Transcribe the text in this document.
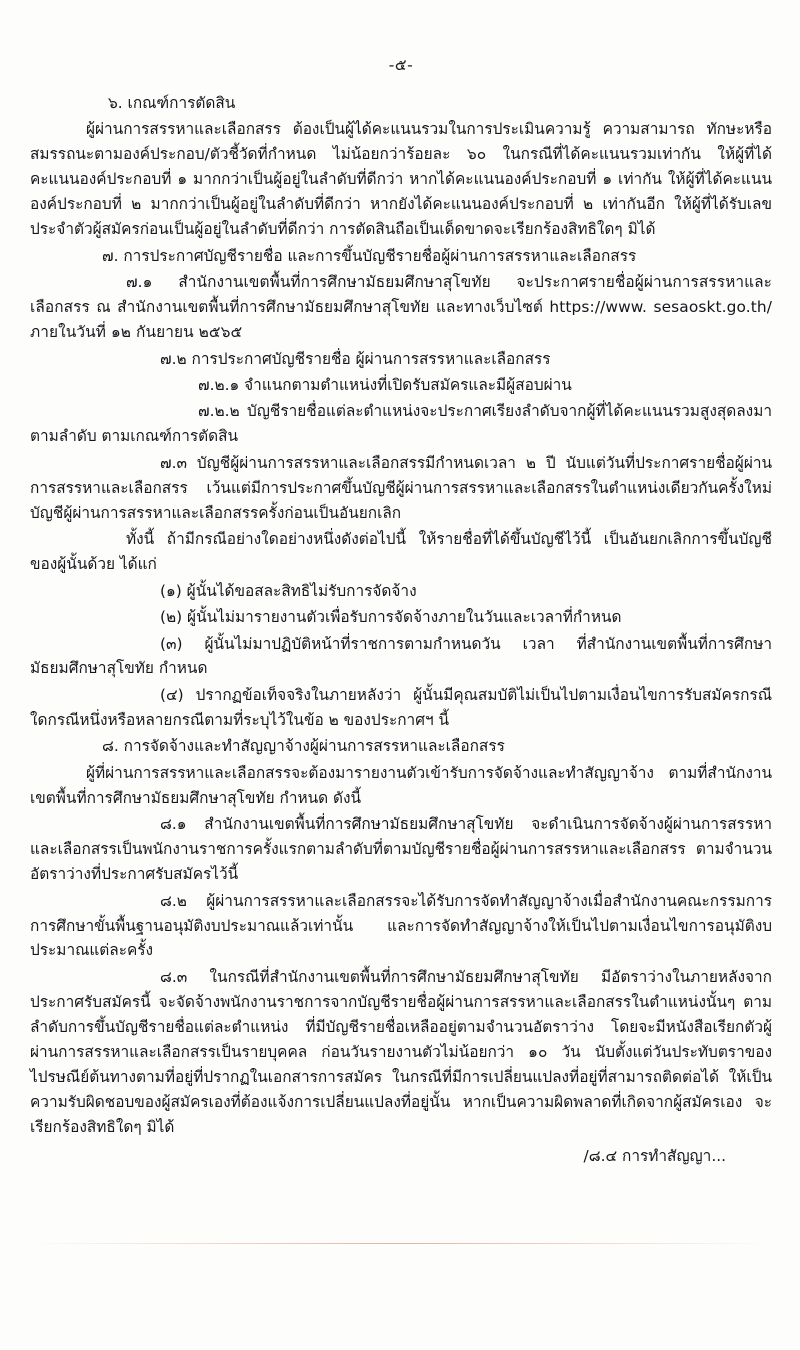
-๕-

๖. เกณฑ์การตัดสิน

ผู้ผ่านการสรรหาและเลือกสรร ต้องเป็นผู้ได้คะแนนรวมในการประเมินความรู้ ความสามารถ ทักษะหรือสมรรถนะตามองค์ประกอบ/ตัวชี้วัดที่กำหนด ไม่น้อยกว่าร้อยละ ๖๐ ในกรณีที่ได้คะแนนรวมเท่ากัน ให้ผู้ที่ได้คะแนนองค์ประกอบที่ ๑ มากกว่าเป็นผู้อยู่ในลำดับที่ดีกว่า หากได้คะแนนองค์ประกอบที่ ๑ เท่ากัน ให้ผู้ที่ได้คะแนนองค์ประกอบที่ ๒ มากกว่าเป็นผู้อยู่ในลำดับที่ดีกว่า หากยังได้คะแนนองค์ประกอบที่ ๒ เท่ากันอีก ให้ผู้ที่ได้รับเลขประจำตัวผู้สมัครก่อนเป็นผู้อยู่ในลำดับที่ดีกว่า การตัดสินถือเป็นเด็ดขาดจะเรียกร้องสิทธิใดๆ มิได้

๗. การประกาศบัญชีรายชื่อ และการขึ้นบัญชีรายชื่อผู้ผ่านการสรรหาและเลือกสรร

๗.๑ สำนักงานเขตพื้นที่การศึกษามัธยมศึกษาสุโขทัย จะประกาศรายชื่อผู้ผ่านการสรรหาและเลือกสรร ณ สำนักงานเขตพื้นที่การศึกษามัธยมศึกษาสุโขทัย และทางเว็บไซต์ https://www. sesaoskt.go.th/ ภายในวันที่ ๑๒ กันยายน ๒๕๖๕

๗.๒ การประกาศบัญชีรายชื่อ ผู้ผ่านการสรรหาและเลือกสรร

๗.๒.๑ จำแนกตามตำแหน่งที่เปิดรับสมัครและมีผู้สอบผ่าน

๗.๒.๒ บัญชีรายชื่อแต่ละตำแหน่งจะประกาศเรียงลำดับจากผู้ที่ได้คะแนนรวมสูงสุดลงมาตามลำดับ ตามเกณฑ์การตัดสิน

๗.๓ บัญชีผู้ผ่านการสรรหาและเลือกสรรมีกำหนดเวลา ๒ ปี นับแต่วันที่ประกาศรายชื่อผู้ผ่านการสรรหาและเลือกสรร เว้นแต่มีการประกาศขึ้นบัญชีผู้ผ่านการสรรหาและเลือกสรรในตำแหน่งเดียวกันครั้งใหม่ บัญชีผู้ผ่านการสรรหาและเลือกสรรครั้งก่อนเป็นอันยกเลิก

ทั้งนี้ ถ้ามีกรณีอย่างใดอย่างหนึ่งดังต่อไปนี้ ให้รายชื่อที่ได้ขึ้นบัญชีไว้นี้ เป็นอันยกเลิกการขึ้นบัญชีของผู้นั้นด้วย ได้แก่

(๑) ผู้นั้นได้ขอสละสิทธิไม่รับการจัดจ้าง

(๒) ผู้นั้นไม่มารายงานตัวเพื่อรับการจัดจ้างภายในวันและเวลาที่กำหนด

(๓) ผู้นั้นไม่มาปฏิบัติหน้าที่ราชการตามกำหนดวัน เวลา ที่สำนักงานเขตพื้นที่การศึกษามัธยมศึกษาสุโขทัย กำหนด

(๔) ปรากฏข้อเท็จจริงในภายหลังว่า ผู้นั้นมีคุณสมบัติไม่เป็นไปตามเงื่อนไขการรับสมัครกรณีใดกรณีหนึ่งหรือหลายกรณีตามที่ระบุไว้ในข้อ ๒ ของประกาศฯ นี้

๘. การจัดจ้างและทำสัญญาจ้างผู้ผ่านการสรรหาและเลือกสรร

ผู้ที่ผ่านการสรรหาและเลือกสรรจะต้องมารายงานตัวเข้ารับการจัดจ้างและทำสัญญาจ้าง ตามที่สำนักงานเขตพื้นที่การศึกษามัธยมศึกษาสุโขทัย กำหนด ดังนี้

๘.๑ สำนักงานเขตพื้นที่การศึกษามัธยมศึกษาสุโขทัย จะดำเนินการจัดจ้างผู้ผ่านการสรรหาและเลือกสรรเป็นพนักงานราชการครั้งแรกตามลำดับที่ตามบัญชีรายชื่อผู้ผ่านการสรรหาและเลือกสรร ตามจำนวนอัตราว่างที่ประกาศรับสมัครไว้นี้

๘.๒ ผู้ผ่านการสรรหาและเลือกสรรจะได้รับการจัดทำสัญญาจ้างเมื่อสำนักงานคณะกรรมการการศึกษาขั้นพื้นฐานอนุมัติงบประมาณแล้วเท่านั้น และการจัดทำสัญญาจ้างให้เป็นไปตามเงื่อนไขการอนุมัติงบประมาณแต่ละครั้ง

๘.๓ ในกรณีที่สำนักงานเขตพื้นที่การศึกษามัธยมศึกษาสุโขทัย มีอัตราว่างในภายหลังจากประกาศรับสมัครนี้ จะจัดจ้างพนักงานราชการจากบัญชีรายชื่อผู้ผ่านการสรรหาและเลือกสรรในตำแหน่งนั้นๆ ตามลำดับการขึ้นบัญชีรายชื่อแต่ละตำแหน่ง ที่มีบัญชีรายชื่อเหลืออยู่ตามจำนวนอัตราว่าง โดยจะมีหนังสือเรียกตัวผู้ผ่านการสรรหาและเลือกสรรเป็นรายบุคคล ก่อนวันรายงานตัวไม่น้อยกว่า ๑๐ วัน นับตั้งแต่วันประทับตราของไปรษณีย์ต้นทางตามที่อยู่ที่ปรากฏในเอกสารการสมัคร ในกรณีที่มีการเปลี่ยนแปลงที่อยู่ที่สามารถติดต่อได้ ให้เป็นความรับผิดชอบของผู้สมัครเองที่ต้องแจ้งการเปลี่ยนแปลงที่อยู่นั้น หากเป็นความผิดพลาดที่เกิดจากผู้สมัครเอง จะเรียกร้องสิทธิใดๆ มิได้

/๘.๔ การทำสัญญา...
